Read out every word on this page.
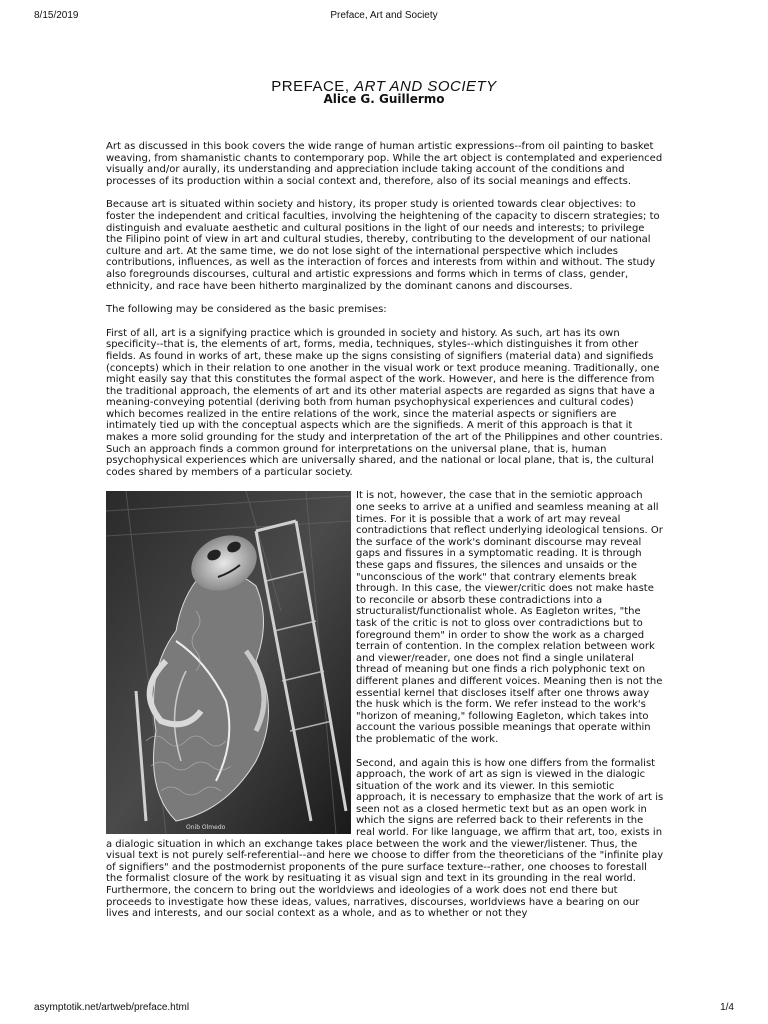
8/15/2019	Preface, Art and Society
PREFACE, ART AND SOCIETY
Alice G. Guillermo

Art as discussed in this book covers the wide range of human artistic expressions--from oil painting to basket weaving, from shamanistic chants to contemporary pop. While the art object is contemplated and experienced visually and/or aurally, its understanding and appreciation include taking account of the conditions and processes of its production within a social context and, therefore, also of its social meanings and effects.

Because art is situated within society and history, its proper study is oriented towards clear objectives: to foster the independent and critical faculties, involving the heightening of the capacity to discern strategies; to distinguish and evaluate aesthetic and cultural positions in the light of our needs and interests; to privilege the Filipino point of view in art and cultural studies, thereby, contributing to the development of our national culture and art. At the same time, we do not lose sight of the international perspective which includes contributions, influences, as well as the interaction of forces and interests from within and without. The study also foregrounds discourses, cultural and artistic expressions and forms which in terms of class, gender, ethnicity, and race have been hitherto marginalized by the dominant canons and discourses.

The following may be considered as the basic premises:

First of all, art is a signifying practice which is grounded in society and history. As such, art has its own specificity--that is, the elements of art, forms, media, techniques, styles--which distinguishes it from other fields. As found in works of art, these make up the signs consisting of signifiers (material data) and signifieds (concepts) which in their relation to one another in the visual work or text produce meaning. Traditionally, one might easily say that this constitutes the formal aspect of the work. However, and here is the difference from the traditional approach, the elements of art and its other material aspects are regarded as signs that have a meaning-conveying potential (deriving both from human psychophysical experiences and cultural codes) which becomes realized in the entire relations of the work, since the material aspects or signifiers are intimately tied up with the conceptual aspects which are the signifieds. A merit of this approach is that it makes a more solid grounding for the study and interpretation of the art of the Philippines and other countries. Such an approach finds a common ground for interpretations on the universal plane, that is, human psychophysical experiences which are universally shared, and the national or local plane, that is, the cultural codes shared by members of a particular society.

Onib Olmedo

It is not, however, the case that in the semiotic approach one seeks to arrive at a unified and seamless meaning at all times. For it is possible that a work of art may reveal contradictions that reflect underlying ideological tensions. Or the surface of the work's dominant discourse may reveal gaps and fissures in a symptomatic reading. It is through these gaps and fissures, the silences and unsaids or the "unconscious of the work" that contrary elements break through. In this case, the viewer/critic does not make haste to reconcile or absorb these contradictions into a structuralist/functionalist whole. As Eagleton writes, "the task of the critic is not to gloss over contradictions but to foreground them" in order to show the work as a charged terrain of contention. In the complex relation between work and viewer/reader, one does not find a single unilateral thread of meaning but one finds a rich polyphonic text on different planes and different voices. Meaning then is not the essential kernel that discloses itself after one throws away the husk which is the form. We refer instead to the work's "horizon of meaning," following Eagleton, which takes into account the various possible meanings that operate within the problematic of the work.

Second, and again this is how one differs from the formalist approach, the work of art as sign is viewed in the dialogic situation of the work and its viewer. In this semiotic approach, it is necessary to emphasize that the work of art is seen not as a closed hermetic text but as an open work in which the signs are referred back to their referents in the real world. For like language, we affirm that art, too, exists in a dialogic situation in which an exchange takes place between the work and the viewer/listener. Thus, the visual text is not purely self-referential--and here we choose to differ from the theoreticians of the "infinite play of signifiers" and the postmodernist proponents of the pure surface texture--rather, one chooses to forestall the formalist closure of the work by resituating it as visual sign and text in its grounding in the real world. Furthermore, the concern to bring out the worldviews and ideologies of a work does not end there but proceeds to investigate how these ideas, values, narratives, discourses, worldviews have a bearing on our lives and interests, and our social context as a whole, and as to whether or not they

asymptotik.net/artweb/preface.html	1/4
